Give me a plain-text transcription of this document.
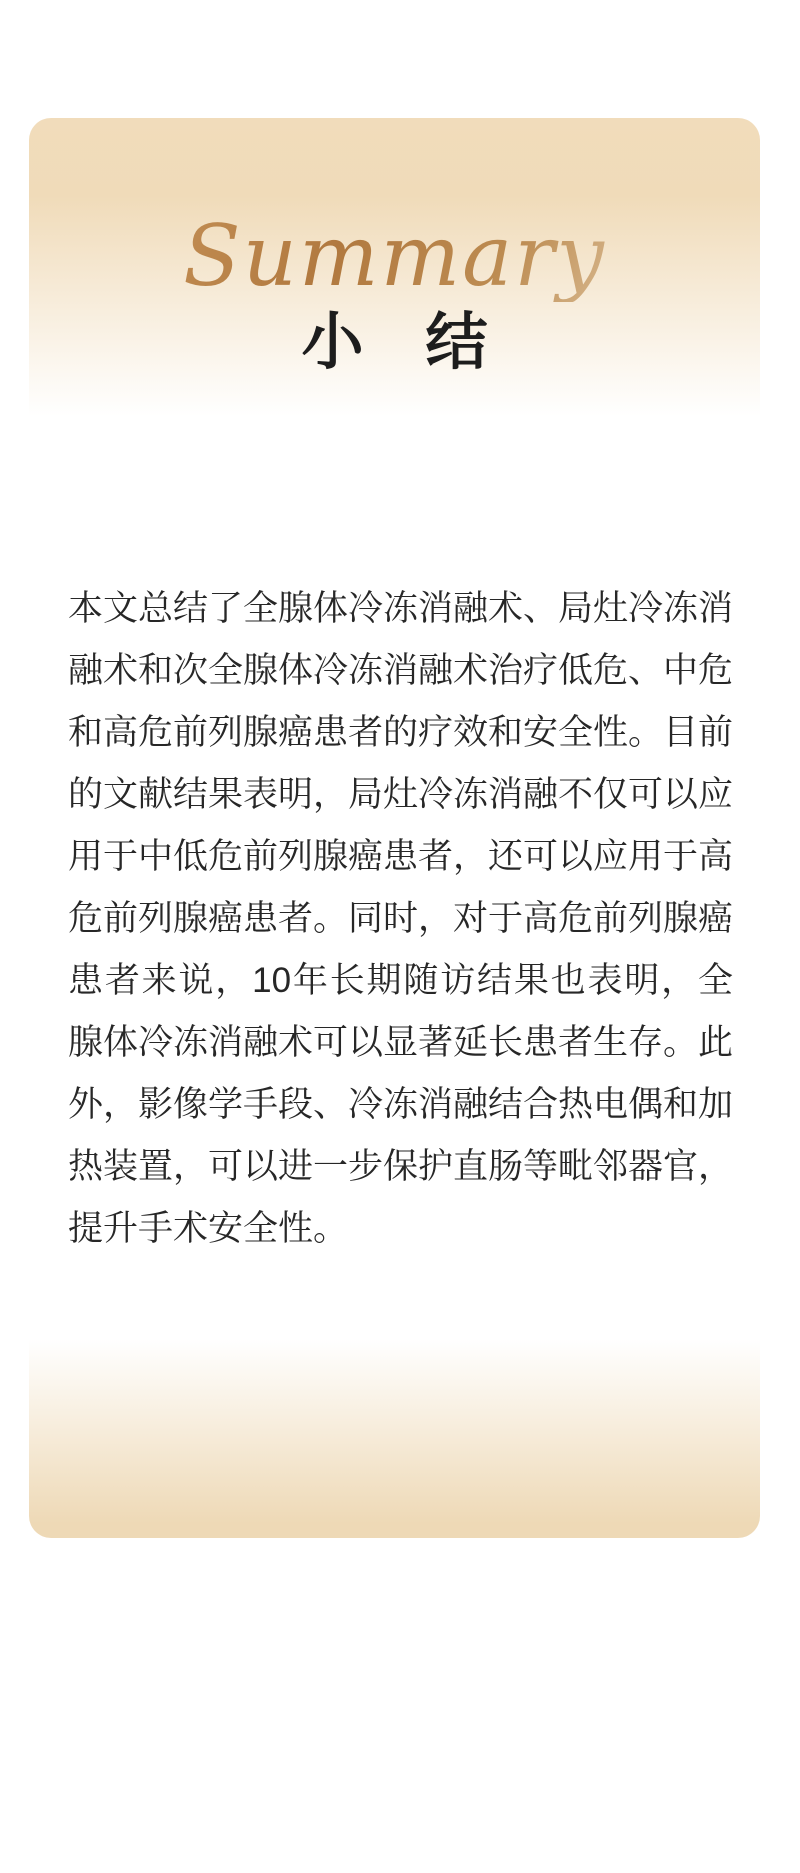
Summary
小　结

本文总结了全腺体冷冻消融术、局灶冷冻消融术和次全腺体冷冻消融术治疗低危、中危和高危前列腺癌患者的疗效和安全性。目前的文献结果表明，局灶冷冻消融不仅可以应用于中低危前列腺癌患者，还可以应用于高危前列腺癌患者。同时，对于高危前列腺癌患者来说，10年长期随访结果也表明，全腺体冷冻消融术可以显著延长患者生存。此外，影像学手段、冷冻消融结合热电偶和加热装置，可以进一步保护直肠等毗邻器官，提升手术安全性。
